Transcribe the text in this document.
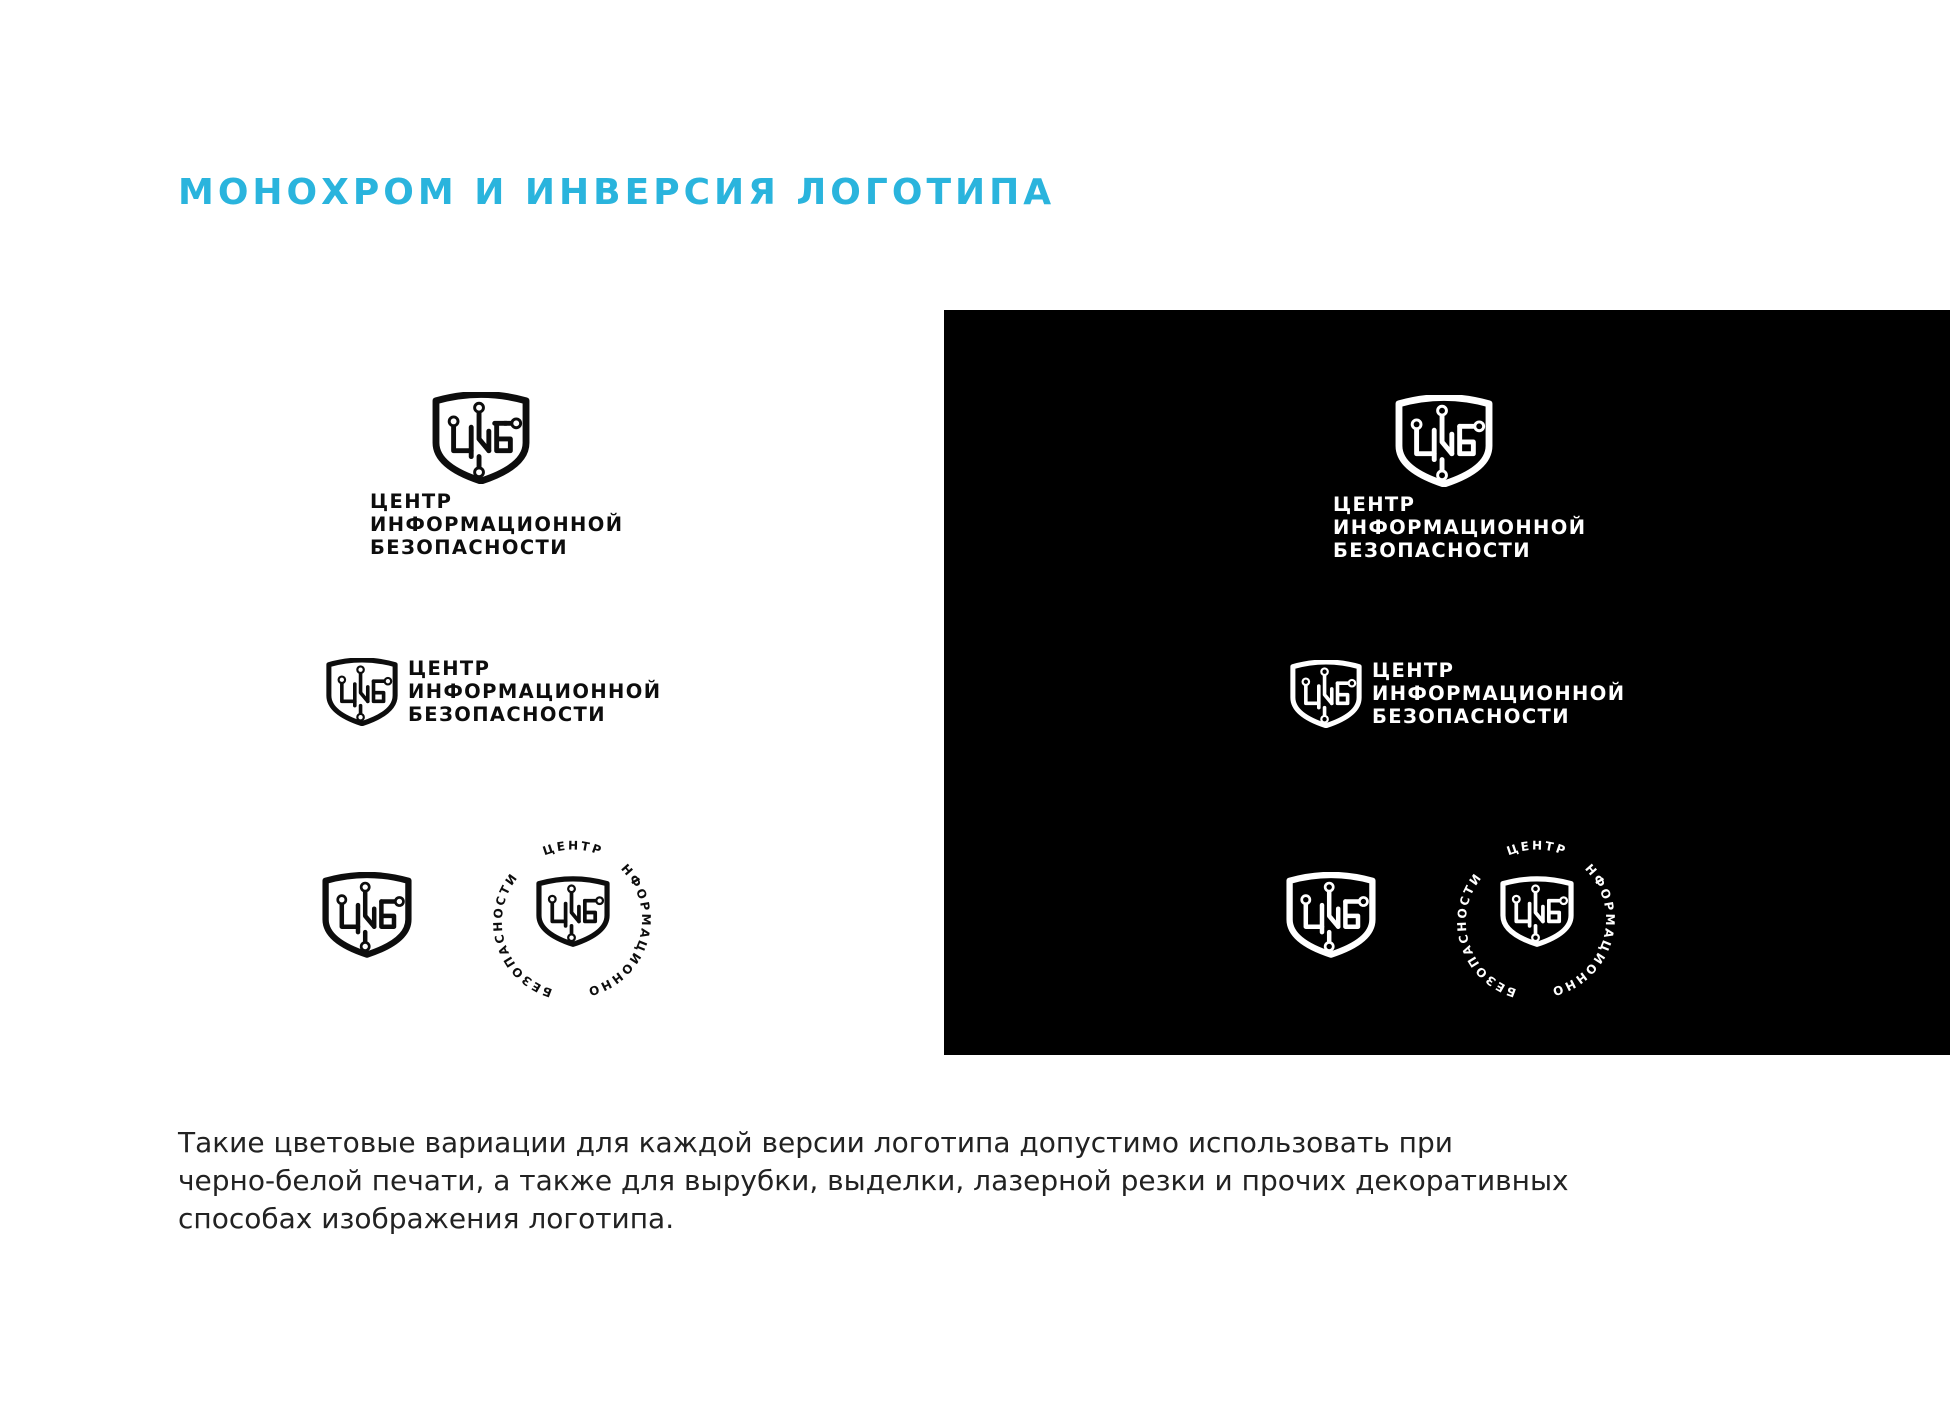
МОНОХРОМ И ИНВЕРСИЯ ЛОГОТИПА
ЦЕНТР
ИНФОРМАЦИОННОЙ
БЕЗОПАСНОСТИ
ЦЕНТР
ИНФОРМАЦИОННОЙ
БЕЗОПАСНОСТИ
ЦЕНТР
НФОРМАЦИОННО
БЕЗОПАСНОСТИ
ЦЕНТР
ИНФОРМАЦИОННОЙ
БЕЗОПАСНОСТИ
ЦЕНТР
ИНФОРМАЦИОННОЙ
БЕЗОПАСНОСТИ
ЦЕНТР
НФОРМАЦИОННО
БЕЗОПАСНОСТИ
Такие цветовые вариации для каждой версии логотипа допустимо использовать при
черно-белой печати, а также для вырубки, выделки, лазерной резки и прочих декоративных
способах изображения логотипа.
